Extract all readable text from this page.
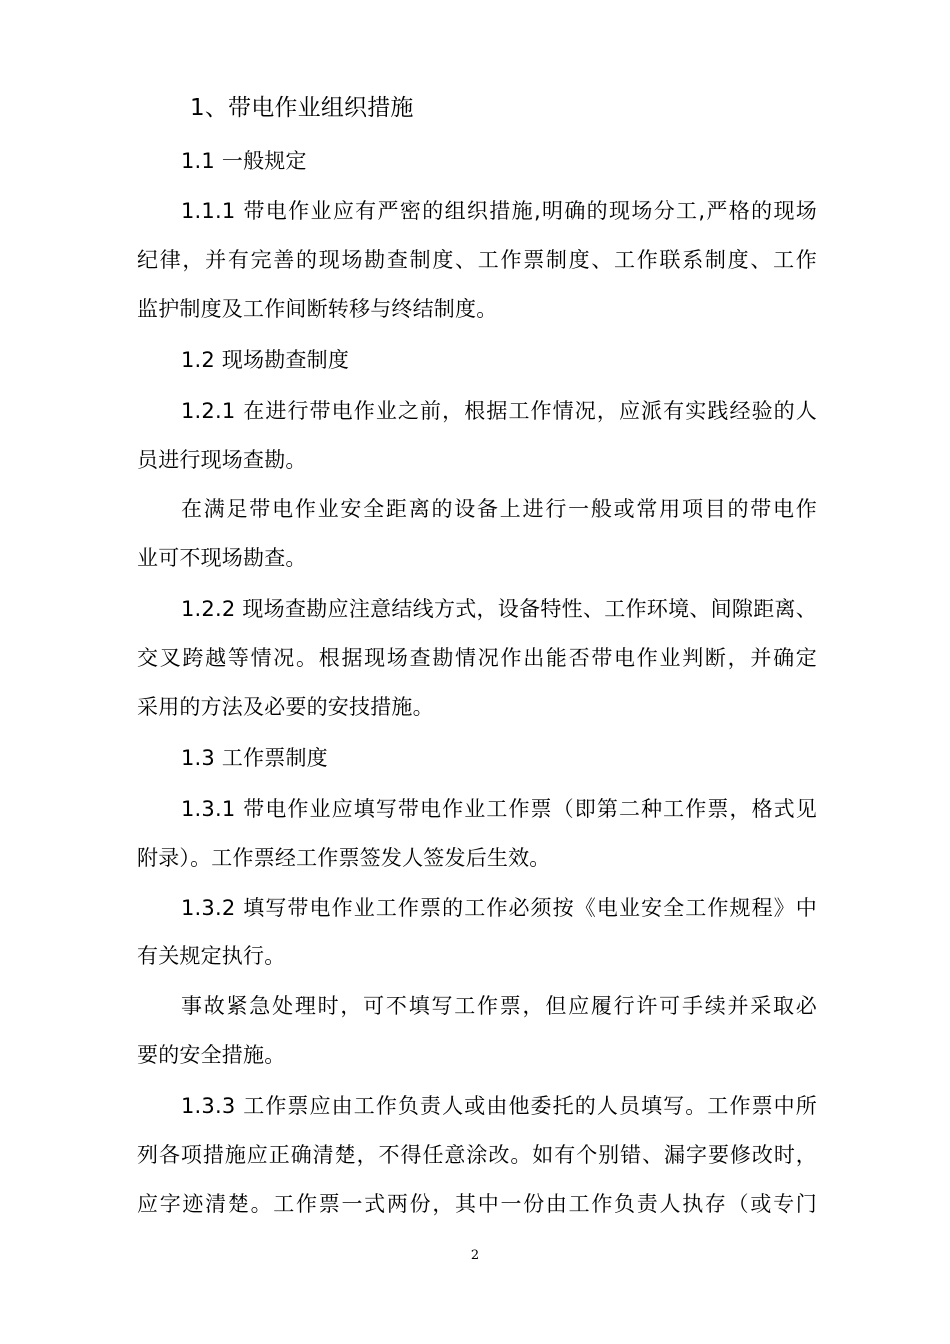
1、带电作业组织措施
1.1 一般规定
1.1.1 带电作业应有严密的组织措施,明确的现场分工,严格的现场
纪律，并有完善的现场勘查制度、工作票制度、工作联系制度、工作
监护制度及工作间断转移与终结制度。
1.2 现场勘查制度
1.2.1 在进行带电作业之前，根据工作情况，应派有实践经验的人
员进行现场查勘。
在满足带电作业安全距离的设备上进行一般或常用项目的带电作
业可不现场勘查。
1.2.2 现场查勘应注意结线方式，设备特性、工作环境、间隙距离、
交叉跨越等情况。根据现场查勘情况作出能否带电作业判断，并确定
采用的方法及必要的安技措施。
1.3 工作票制度
1.3.1 带电作业应填写带电作业工作票（即第二种工作票，格式见
附录）。工作票经工作票签发人签发后生效。
1.3.2 填写带电作业工作票的工作必须按《电业安全工作规程》中
有关规定执行。
事故紧急处理时，可不填写工作票，但应履行许可手续并采取必
要的安全措施。
1.3.3 工作票应由工作负责人或由他委托的人员填写。工作票中所
列各项措施应正确清楚，不得任意涂改。如有个别错、漏字要修改时，
应字迹清楚。工作票一式两份，其中一份由工作负责人执存（或专门
2
